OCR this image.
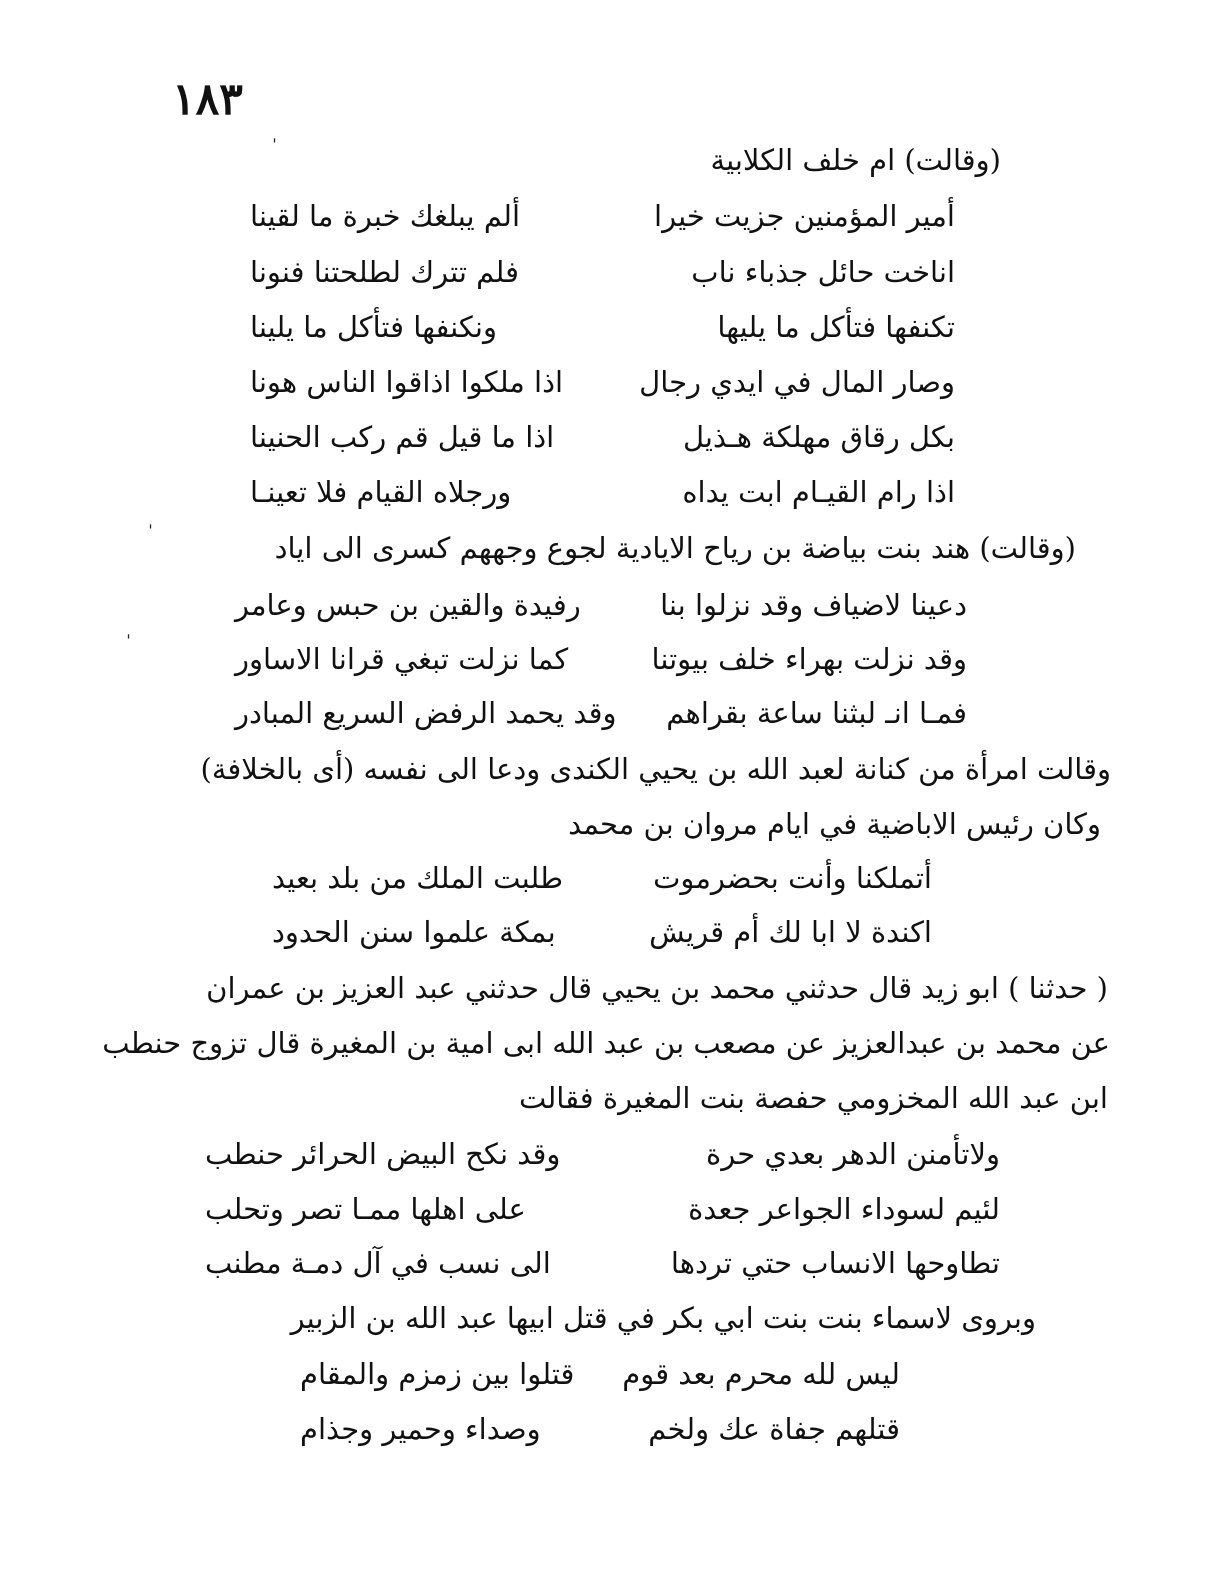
١٨٣
(وقالت) ام خلف الكلابية
أمير المؤمنين جزيت خيرا
ألم يبلغك خبرة ما لقينا
اناخت حائل جذباء ناب
فلم تترك لطلحتنا فنونا
تكنفها فتأكل ما يليها
ونكنفها فتأكل ما يلينا
وصار المال في ايدي رجال
اذا ملكوا اذاقوا الناس هونا
بكل رقاق مهلكة هـذيل
اذا ما قيل قم ركب الحنينا
اذا رام القيـام ابت يداه
ورجلاه القيام فلا تعينـا
(وقالت) هند بنت بياضة بن رياح الايادية لجوع وجههم كسرى الى اياد
دعينا لاضياف وقد نزلوا بنا
رفيدة والقين بن حبس وعامر
وقد نزلت بهراء خلف بيوتنا
كما نزلت تبغي قرانا الاساور
فمـا انـ لبثنا ساعة بقراهم
وقد يحمد الرفض السريع المبادر
وقالت امرأة من كنانة لعبد الله بن يحيي الكندى ودعا الى نفسه (أى بالخلافة)
وكان رئيس الاباضية في ايام مروان بن محمد
أتملكنا وأنت بحضرموت
طلبت الملك من بلد بعيد
اكندة لا ابا لك أم قريش
بمكة علموا سنن الحدود
( حدثنا ) ابو زيد قال حدثني محمد بن يحيي قال حدثني عبد العزيز بن عمران
عن محمد بن عبدالعزيز عن مصعب بن عبد الله ابى امية بن المغيرة قال تزوج حنطب
ابن عبد الله المخزومي حفصة بنت المغيرة فقالت
ولاتأمنن الدهر بعدي حرة
وقد نكح البيض الحرائر حنطب
لئيم لسوداء الجواعر جعدة
على اهلها ممـا تصر وتحلب
تطاوحها الانساب حتي تردها
الى نسب في آل دمـة مطنب
وبروى لاسماء بنت بنت ابي بكر في قتل ابيها عبد الله بن الزبير
ليس لله محرم بعد قوم
قتلوا بين زمزم والمقام
قتلهم جفاة عك ولخم
وصداء وحمير وجذام
ˈ
ˈ
ˈ
